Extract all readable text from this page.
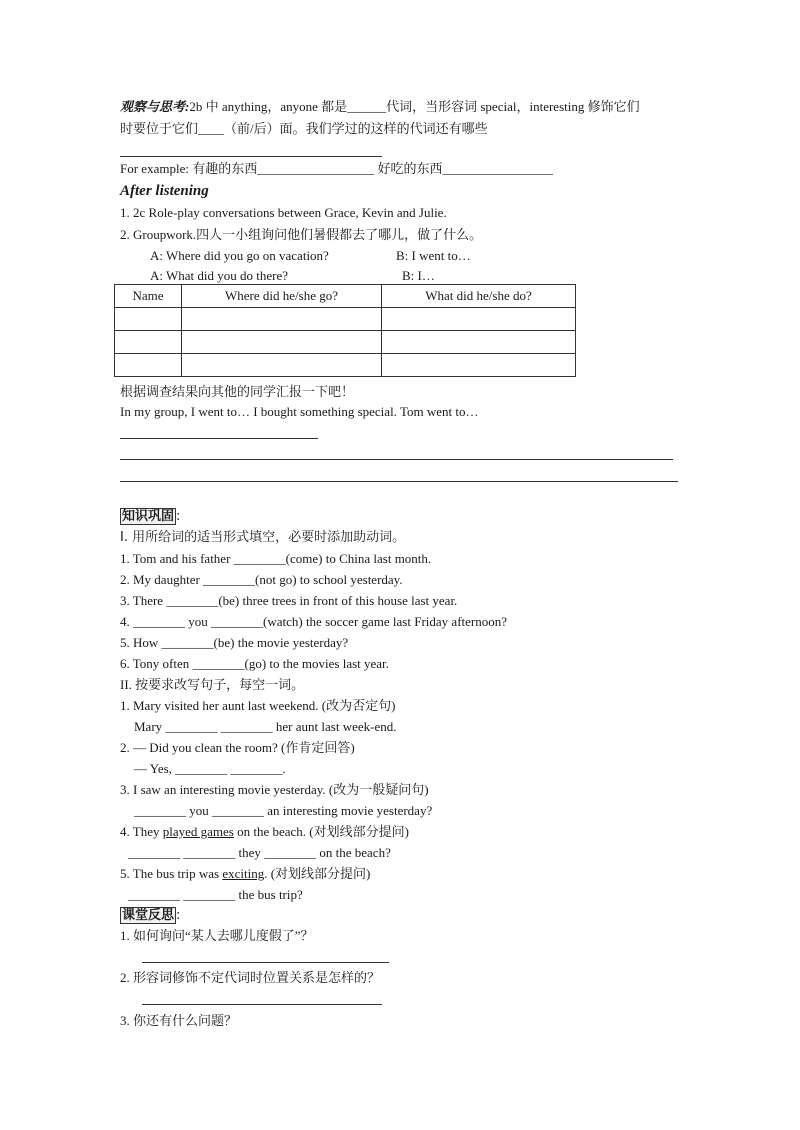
观察与思考:2b 中 anything，anyone 都是______代词，当形容词 special，interesting 修饰它们
时要位于它们____（前/后）面。我们学过的这样的代词还有哪些
For example: 有趣的东西__________________ 好吃的东西_________________
After listening
1. 2c Role-play conversations between Grace, Kevin and Julie.
2. Groupwork.四人一小组询问他们暑假都去了哪儿，做了什么。
A: Where did you go on vacation?	B: I went to…
A: What did you do there?	B: I…
Name	Where did he/she go?	What did he/she do?

根据调查结果向其他的同学汇报一下吧！
In my group, I went to… I bought something special. Tom went to…
知识巩固 :
I. 用所给词的适当形式填空，必要时添加助动词。
1. Tom and his father ________(come) to China last month.
2. My daughter ________(not go) to school yesterday.
3. There ________(be) three trees in front of this house last year.
4. ________ you ________(watch) the soccer game last Friday afternoon?
5. How ________(be) the movie yesterday?
6. Tony often ________(go) to the movies last year.
II. 按要求改写句子，每空一词。
1. Mary visited her aunt last weekend. (改为否定句)
Mary ________ ________ her aunt last week-end.
2. — Did you clean the room? (作肯定回答)
— Yes, ________ ________.
3. I saw an interesting movie yesterday. (改为一般疑问句)
________ you ________ an interesting movie yesterday?
4. They played games on the beach. (对划线部分提问)
________ ________ they ________ on the beach?
5. The bus trip was exciting. (对划线部分提问)
________ ________ the bus trip?
课堂反思 :
1. 如何询问“某人去哪儿度假了”？
2. 形容词修饰不定代词时位置关系是怎样的？
3. 你还有什么问题？
